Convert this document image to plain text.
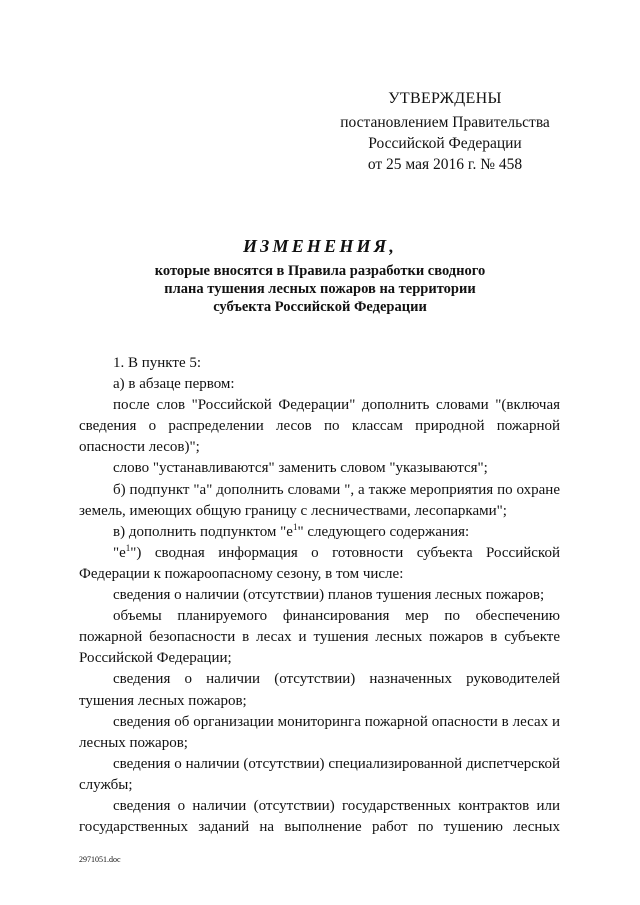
УТВЕРЖДЕНЫ
постановлением Правительства
Российской Федерации
от 25 мая 2016 г. № 458
ИЗМЕНЕНИЯ,
которые вносятся в Правила разработки сводного
плана тушения лесных пожаров на территории
субъекта Российской Федерации

1. В пункте 5:

а) в абзаце первом:

после слов "Российской Федерации" дополнить словами "(включая сведения о распределении лесов по классам природной пожарной опасности лесов)";

слово "устанавливаются" заменить словом "указываются";

б) подпункт "а" дополнить словами ", а также мероприятия по охране земель, имеющих общую границу с лесничествами, лесопарками";

в) дополнить подпунктом "$е^1$" следующего содержания:

"$е^1$") сводная информация о готовности субъекта Российской Федерации к пожароопасному сезону, в том числе:

сведения о наличии (отсутствии) планов тушения лесных пожаров;

объемы планируемого финансирования мер по обеспечению пожарной безопасности в лесах и тушения лесных пожаров в субъекте Российской Федерации;

сведения о наличии (отсутствии) назначенных руководителей тушения лесных пожаров;

сведения об организации мониторинга пожарной опасности в лесах и лесных пожаров;

сведения о наличии (отсутствии) специализированной диспетчерской службы;

сведения о наличии (отсутствии) государственных контрактов или государственных заданий на выполнение работ по тушению лесных

2971051.doc
